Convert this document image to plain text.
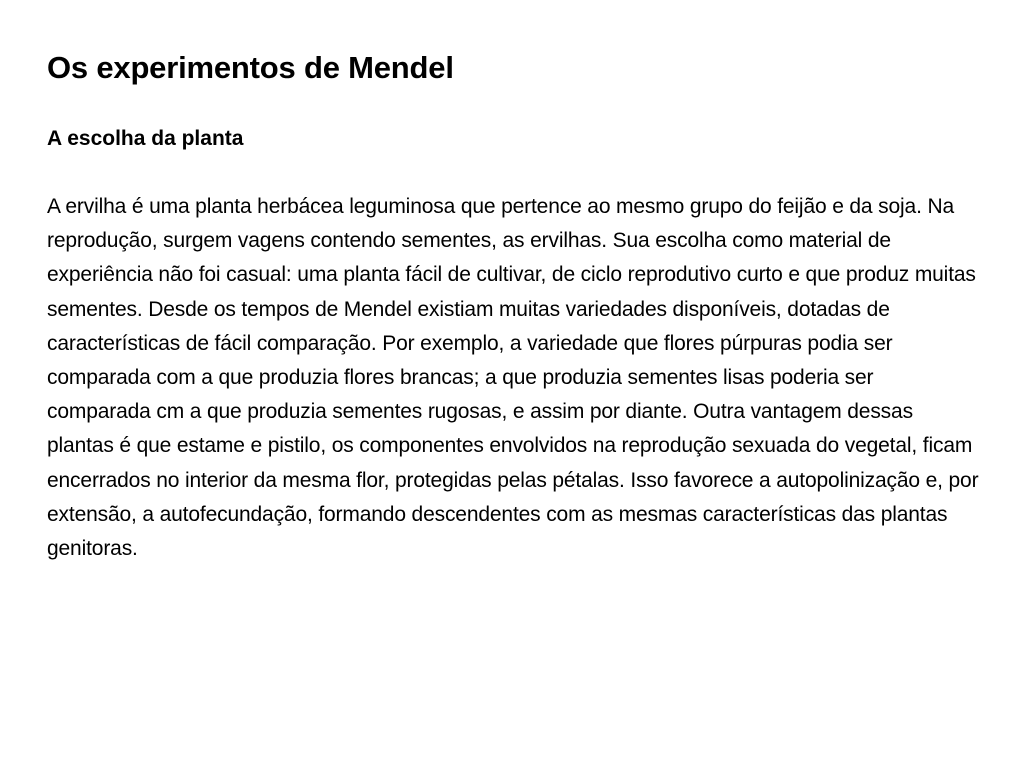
Os experimentos de Mendel
A escolha da planta

A ervilha é uma planta herbácea leguminosa que pertence ao mesmo grupo do feijão e da soja. Na reprodução, surgem vagens contendo sementes, as ervilhas. Sua escolha como material de experiência não foi casual: uma planta fácil de cultivar, de ciclo reprodutivo curto e que produz muitas sementes. Desde os tempos de Mendel existiam muitas variedades disponíveis, dotadas de características de fácil comparação. Por exemplo, a variedade que flores púrpuras podia ser comparada com a que produzia flores brancas; a que produzia sementes lisas poderia ser comparada cm a que produzia sementes rugosas, e assim por diante. Outra vantagem dessas plantas é que estame e pistilo, os componentes envolvidos na reprodução sexuada do vegetal, ficam encerrados no interior da mesma flor, protegidas pelas pétalas. Isso favorece a autopolinização e, por extensão, a autofecundação, formando descendentes com as mesmas características das plantas genitoras.
